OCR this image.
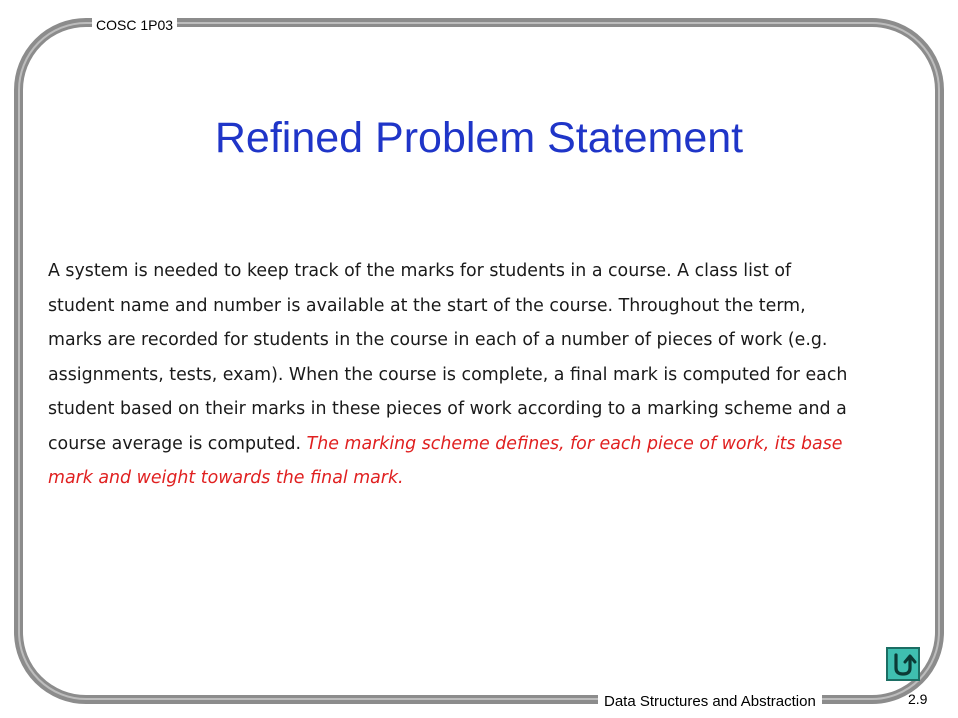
COSC 1P03
Refined Problem Statement
A system is needed to keep track of the marks for students in a course. A class list of student name and number is available at the start of the course. Throughout the term, marks are recorded for students in the course in each of a number of pieces of work (e.g. assignments, tests, exam). When the course is complete, a final mark is computed for each student based on their marks in these pieces of work according to a marking scheme and a course average is computed. The marking scheme defines, for each piece of work, its base mark and weight towards the final mark.
Data Structures and Abstraction	2.9
